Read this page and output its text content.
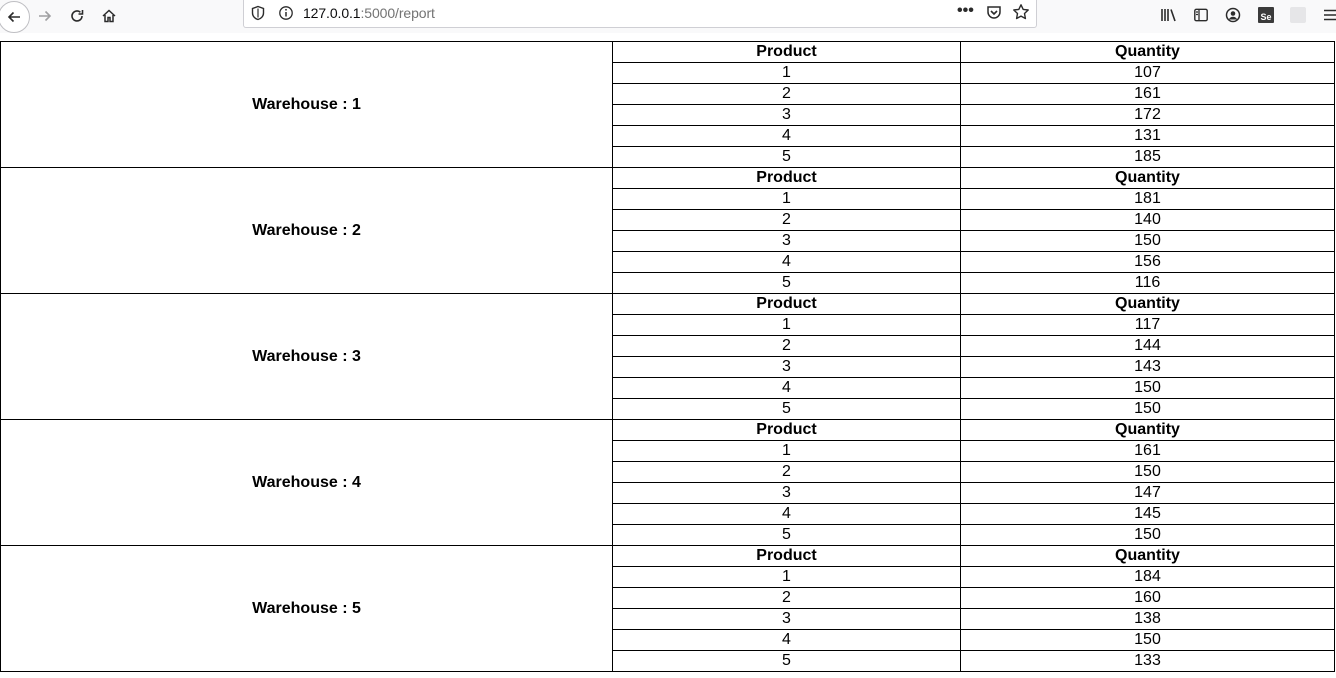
127.0.0.1:5000/report	•••	Se
Warehouse : 1	Product	Quantity
	1	107
	2	161
	3	172
	4	131
	5	185
Warehouse : 2	Product	Quantity
	1	181
	2	140
	3	150
	4	156
	5	116
Warehouse : 3	Product	Quantity
	1	117
	2	144
	3	143
	4	150
	5	150
Warehouse : 4	Product	Quantity
	1	161
	2	150
	3	147
	4	145
	5	150
Warehouse : 5	Product	Quantity
	1	184
	2	160
	3	138
	4	150
	5	133
